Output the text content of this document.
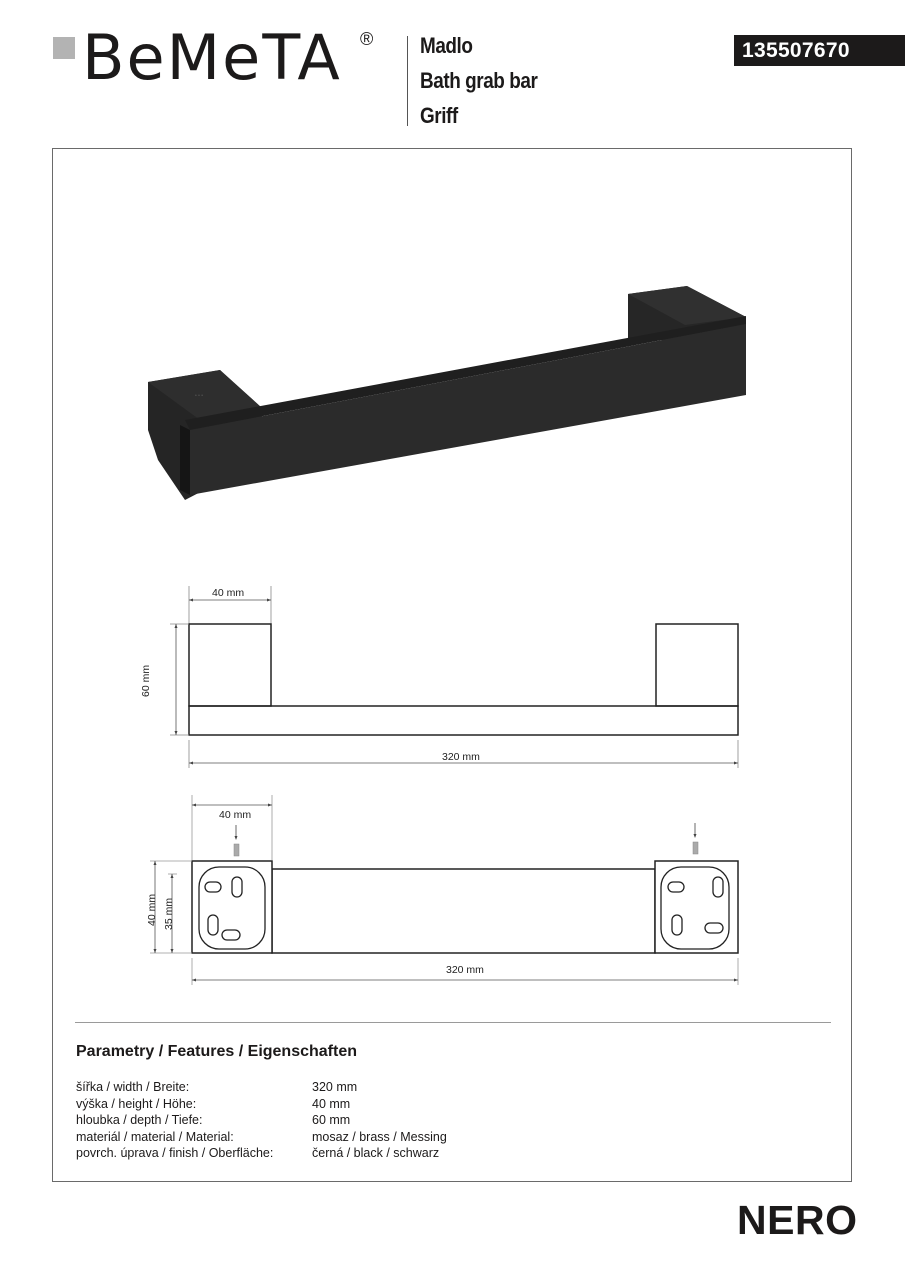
BeMeTA ® Madlo
Bath grab bar
Griff
135507670
• • •
40 mm
60 mm
320 mm
40 mm
40 mm 35 mm
320 mm
Parametry / Features / Eigenschaften
šířka / width / Breite:	320 mm
výška / height / Höhe:	40 mm
hloubka / depth / Tiefe:	60 mm
materiál / material / Material:	mosaz / brass / Messing
povrch. úprava / finish / Oberfläche:	černá / black / schwarz
NERO
